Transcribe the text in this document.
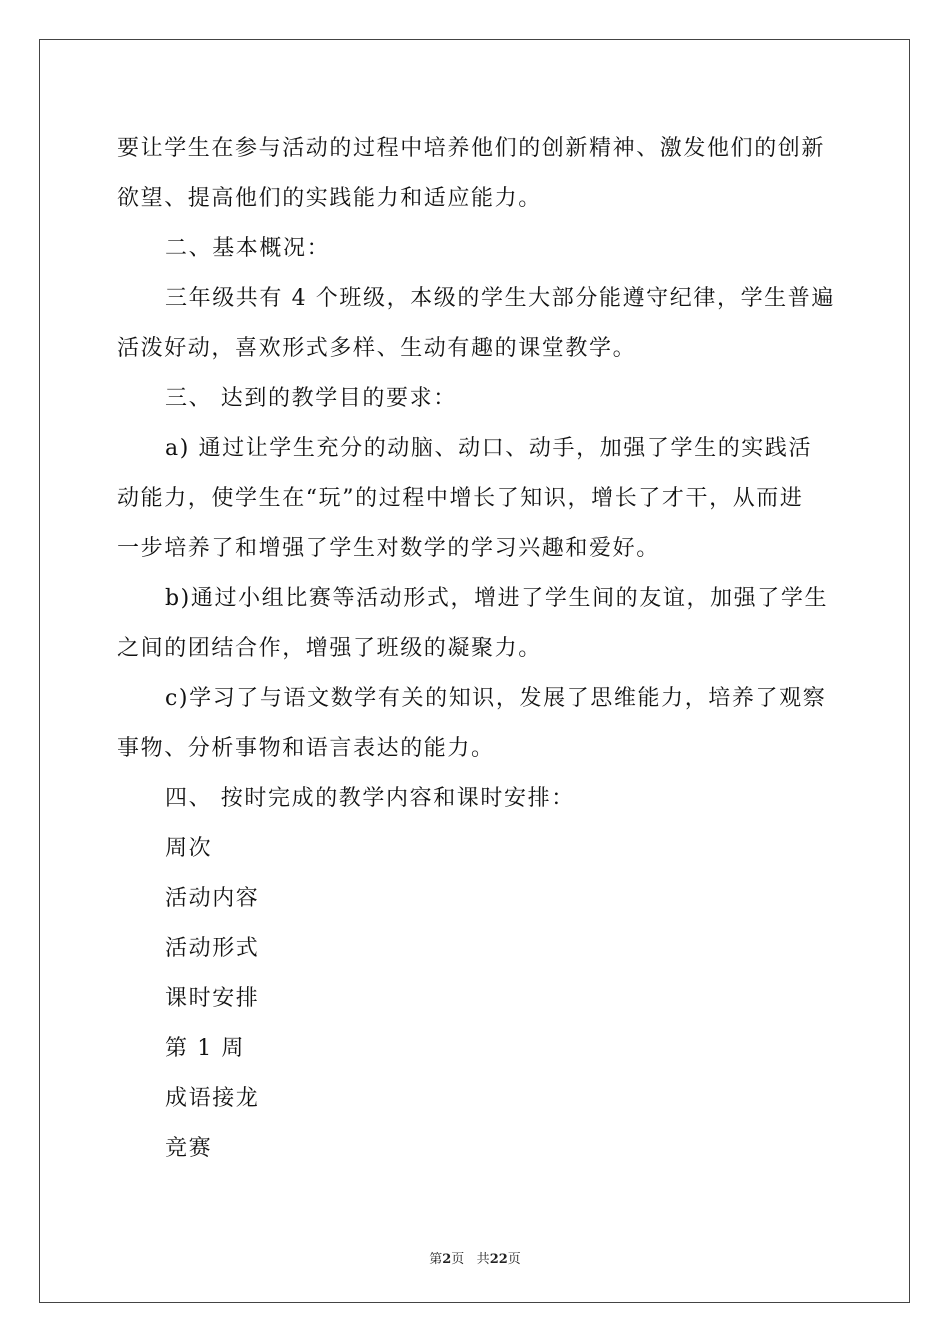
要让学生在参与活动的过程中培养他们的创新精神、激发他们的创新
欲望、提高他们的实践能力和适应能力。
二、基本概况：
三年级共有 4 个班级，本级的学生大部分能遵守纪律，学生普遍
活泼好动，喜欢形式多样、生动有趣的课堂教学。
三、 达到的教学目的要求：
a) 通过让学生充分的动脑、动口、动手，加强了学生的实践活
动能力，使学生在“玩”的过程中增长了知识，增长了才干，从而进
一步培养了和增强了学生对数学的学习兴趣和爱好。
b)通过小组比赛等活动形式，增进了学生间的友谊，加强了学生
之间的团结合作，增强了班级的凝聚力。
c)学习了与语文数学有关的知识，发展了思维能力，培养了观察
事物、分析事物和语言表达的能力。
四、 按时完成的教学内容和课时安排：
周次
活动内容
活动形式
课时安排
第 1 周
成语接龙
竞赛
第2页 共22页
